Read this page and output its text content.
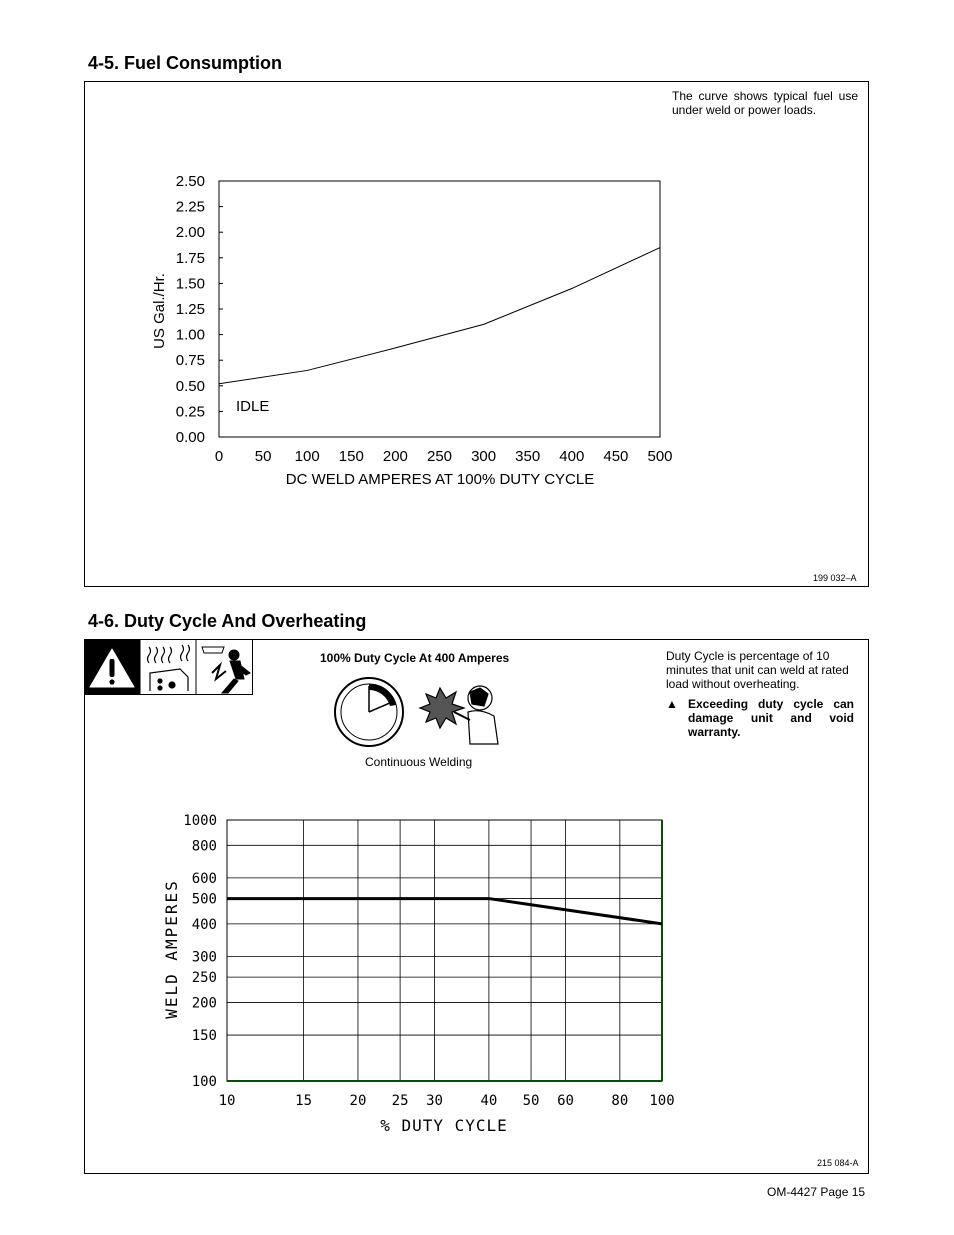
4-5. Fuel Consumption
The curve shows typical fuel use under weld or power loads.
0.00
0.25
0.50
0.75
1.00
1.25
1.50
1.75
2.00
2.25
2.50
0 50 100 150 200 250 300 350 400 450 500
IDLE
DC WELD AMPERES AT 100% DUTY CYCLE
US Gal./Hr.
199 032–A
4-6. Duty Cycle And Overheating
100% Duty Cycle At 400 Amperes
Continuous Welding
Duty Cycle is percentage of 10 minutes that unit can weld at rated load without overheating.
▲ Exceeding duty cycle can damage unit and void warranty.
100
150
200
250
300
400
500
600
800
1000
10	15	20 25 30	40 50 60	80 100
% DUTY CYCLE
WELD AMPERES
215 084-A
OM-4427 Page 15
